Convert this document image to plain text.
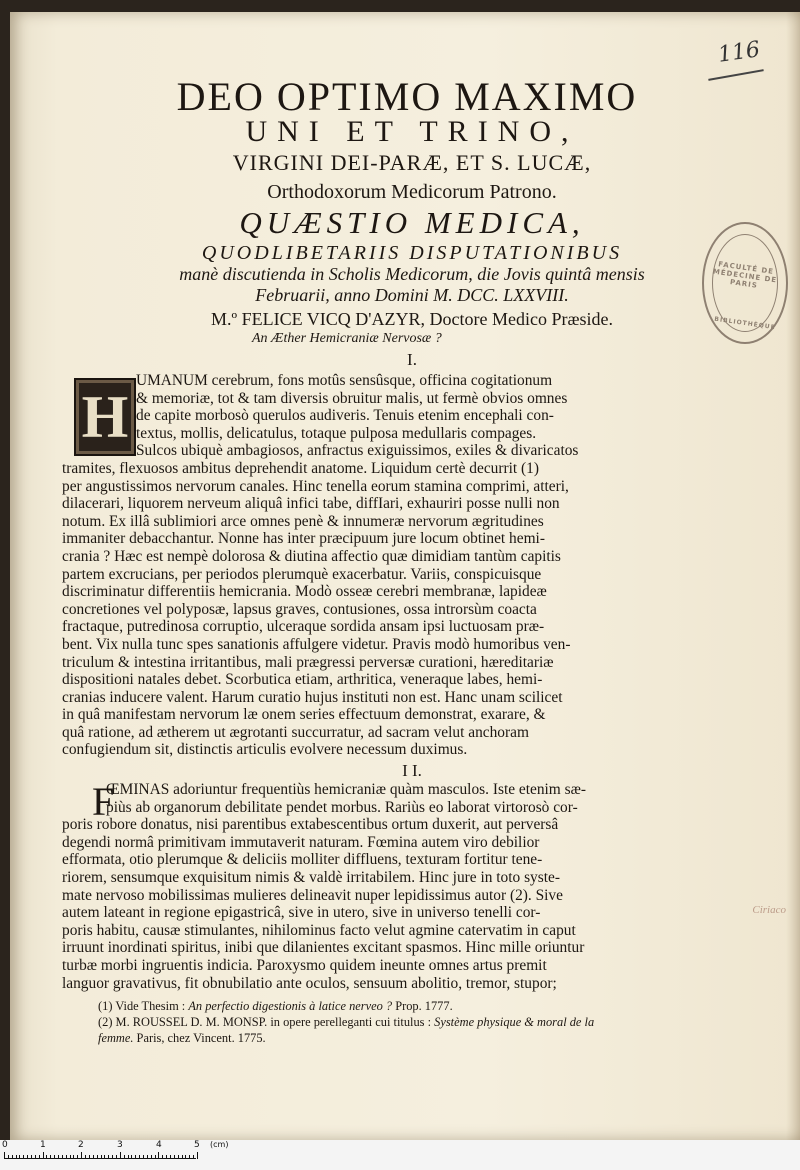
116
FACULTÉ DE MÉDECINE DE PARIS
BIBLIOTHÈQUE
Ciriaco
DEO OPTIMO MAXIMO
UNI ET TRINO,
VIRGINI DEI-PARÆ, ET S. LUCÆ,
Orthodoxorum Medicorum Patrono.
QUÆSTIO MEDICA,
QUODLIBETARIIS DISPUTATIONIBUS
manè discutienda in Scholis Medicorum, die Jovis quintâ mensis
Februarii, anno Domini M. DCC. LXXVIII.
M.º FELICE VICQ D'AZYR, Doctore Medico Præside.
An Æther Hemicraniæ Nervosæ ?
I.
H
UMANUM cerebrum, fons motûs sensûsque, officina cogitationum
& memoriæ, tot & tam diversis obruitur malis, ut fermè obvios omnes
de capite morbosò querulos audiveris. Tenuis etenim encephali con-
textus, mollis, delicatulus, totaque pulposa medullaris compages.
Sulcos ubiquè ambagiosos, anfractus exiguissimos, exiles & divaricatos
tramites, flexuosos ambitus deprehendit anatome. Liquidum certè decurrit (1)
per angustissimos nervorum canales. Hinc tenella eorum stamina comprimi, atteri,
dilacerari, liquorem nerveum aliquâ infici tabe, diffIari, exhauriri posse nulli non
notum. Ex illâ sublimiori arce omnes penè & innumeræ nervorum ægritudines
immaniter debacchantur. Nonne has inter præcipuum jure locum obtinet hemi-
crania ? Hæc est nempè dolorosa & diutina affectio quæ dimidiam tantùm capitis
partem excrucians, per periodos plerumquè exacerbatur. Variis, conspicuisque
discriminatur differentiis hemicrania. Modò osseæ cerebri membranæ, lapideæ
concretiones vel polyposæ, lapsus graves, contusiones, ossa introrsùm coacta
fractaque, putredinosa corruptio, ulceraque sordida ansam ipsi luctuosam præ-
bent. Vix nulla tunc spes sanationis affulgere videtur. Pravis modò humoribus ven-
triculum & intestina irritantibus, mali prægressi perversæ curationi, hæreditariæ
dispositioni natales debet. Scorbutica etiam, arthritica, veneraque labes, hemi-
cranias inducere valent. Harum curatio hujus instituti non est. Hanc unam scilicet
in quâ manifestam nervorum læ onem series effectuum demonstrat, exarare, &
quâ ratione, ad ætherem ut ægrotanti succurratur, ad sacram velut anchoram
confugiendum sit, distinctis articulis evolvere necessum duximus.
I I.
F
ŒMINAS adoriuntur frequentiùs hemicraniæ quàm masculos. Iste etenim sæ-
piùs ab organorum debilitate pendet morbus. Rariùs eo laborat virtorosò cor-
poris robore donatus, nisi parentibus extabescentibus ortum duxerit, aut perversâ
degendi normâ primitivam immutaverit naturam. Fœmina autem viro debilior
efformata, otio plerumque & deliciis molliter diffluens, texturam fortitur tene-
riorem, sensumque exquisitum nimis & valdè irritabilem. Hinc jure in toto syste-
mate nervoso mobilissimas mulieres delineavit nuper lepidissimus autor (2). Sive
autem lateant in regione epigastricâ, sive in utero, sive in universo tenelli cor-
poris habitu, causæ stimulantes, nihilominus facto velut agmine catervatim in caput
irruunt inordinati spiritus, inibi que dilanientes excitant spasmos. Hinc mille oriuntur
turbæ morbi ingruentis indicia. Paroxysmo quidem ineunte omnes artus premit
languor gravativus, fit obnubilatio ante oculos, sensuum abolitio, tremor, stupor;
(1) Vide Thesim : An perfectio digestionis à latice nerveo ? Prop. 1777.
(2) M. ROUSSEL D. M. MONSP. in opere perelleganti cui titulus : Système physique & moral de la
femme. Paris, chez Vincent. 1775.
0	1	2	3	4	5 (cm)
